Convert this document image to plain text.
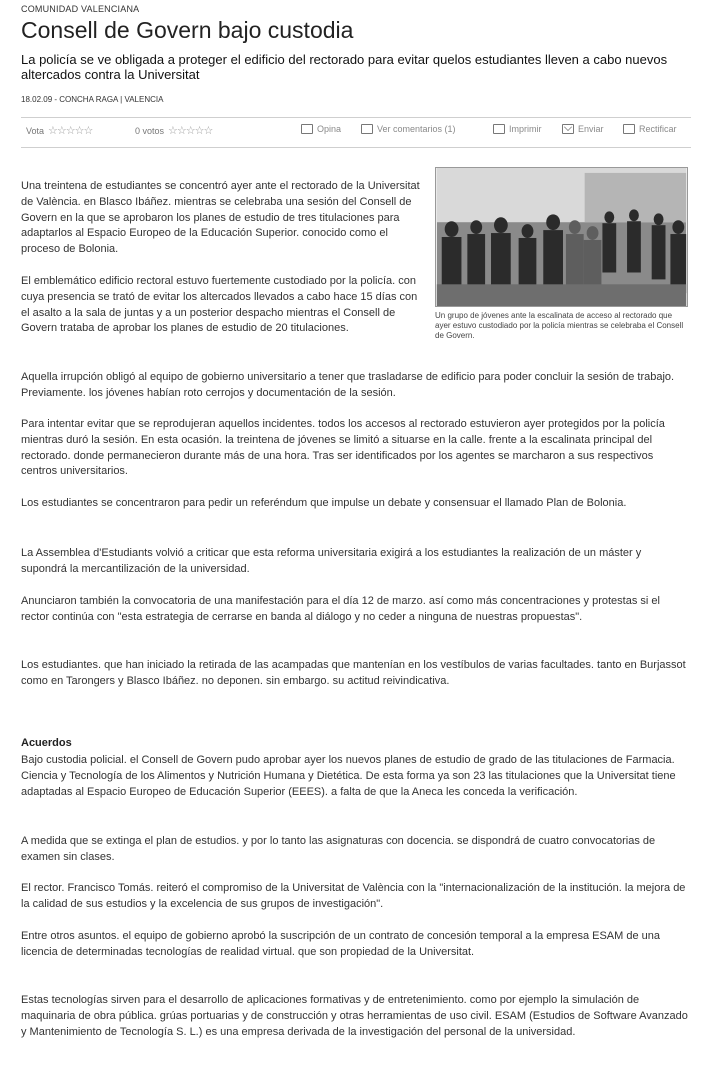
COMUNIDAD VALENCIANA
Consell de Govern bajo custodia

La policía se ve obligada a proteger el edificio del rectorado para evitar quelos estudiantes lleven a cabo nuevos altercados contra la Universitat

18.02.09 - CONCHA RAGA | VALENCIA
Vota ☆☆☆☆☆	0 votos ☆☆☆☆☆	Opina	Ver comentarios (1)	Imprimir	Enviar	Rectificar
Un grupo de jóvenes ante la escalinata de acceso al rectorado que ayer estuvo custodiado por la policía mientras se celebraba el Consell de Govern.

Una treintena de estudiantes se concentró ayer ante el rectorado de la Universitat de València. en Blasco Ibáñez. mientras se celebraba una sesión del Consell de Govern en la que se aprobaron los planes de estudio de tres titulaciones para adaptarlos al Espacio Europeo de la Educación Superior. conocido como el proceso de Bolonia.

El emblemático edificio rectoral estuvo fuertemente custodiado por la policía. con cuya presencia se trató de evitar los altercados llevados a cabo hace 15 días con el asalto a la sala de juntas y a un posterior despacho mientras el Consell de Govern trataba de aprobar los planes de estudio de 20 titulaciones.

Aquella irrupción obligó al equipo de gobierno universitario a tener que trasladarse de edificio para poder concluir la sesión de trabajo. Previamente. los jóvenes habían roto cerrojos y documentación de la sesión.

Para intentar evitar que se reprodujeran aquellos incidentes. todos los accesos al rectorado estuvieron ayer protegidos por la policía mientras duró la sesión. En esta ocasión. la treintena de jóvenes se limitó a situarse en la calle. frente a la escalinata principal del rectorado. donde permanecieron durante más de una hora. Tras ser identificados por los agentes se marcharon a sus respectivos centros universitarios.

Los estudiantes se concentraron para pedir un referéndum que impulse un debate y consensuar el llamado Plan de Bolonia.

La Assemblea d'Estudiants volvió a criticar que esta reforma universitaria exigirá a los estudiantes la realización de un máster y supondrá la mercantilización de la universidad.

Anunciaron también la convocatoria de una manifestación para el día 12 de marzo. así como más concentraciones y protestas si el rector continúa con "esta estrategia de cerrarse en banda al diálogo y no ceder a ninguna de nuestras propuestas".

Los estudiantes. que han iniciado la retirada de las acampadas que mantenían en los vestíbulos de varias facultades. tanto en Burjassot como en Tarongers y Blasco Ibáñez. no deponen. sin embargo. su actitud reivindicativa.

Acuerdos

Bajo custodia policial. el Consell de Govern pudo aprobar ayer los nuevos planes de estudio de grado de las titulaciones de Farmacia. Ciencia y Tecnología de los Alimentos y Nutrición Humana y Dietética. De esta forma ya son 23 las titulaciones que la Universitat tiene adaptadas al Espacio Europeo de Educación Superior (EEES). a falta de que la Aneca les conceda la verificación.

A medida que se extinga el plan de estudios. y por lo tanto las asignaturas con docencia. se dispondrá de cuatro convocatorias de examen sin clases.

El rector. Francisco Tomás. reiteró el compromiso de la Universitat de València con la "internacionalización de la institución. la mejora de la calidad de sus estudios y la excelencia de sus grupos de investigación".

Entre otros asuntos. el equipo de gobierno aprobó la suscripción de un contrato de concesión temporal a la empresa ESAM de una licencia de determinadas tecnologías de realidad virtual. que son propiedad de la Universitat.

Estas tecnologías sirven para el desarrollo de aplicaciones formativas y de entretenimiento. como por ejemplo la simulación de maquinaria de obra pública. grúas portuarias y de construcción y otras herramientas de uso civil. ESAM (Estudios de Software Avanzado y Mantenimiento de Tecnología S. L.) es una empresa derivada de la investigación del personal de la universidad.
